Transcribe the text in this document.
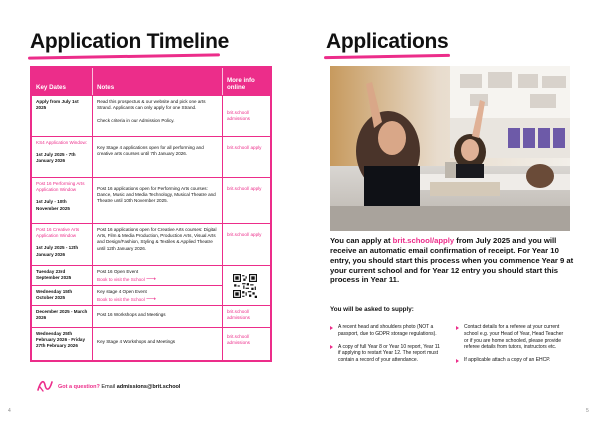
Application Timeline
Key Dates	Notes
More info online
Apply from July 1st 2025
Read this prospectus & our website and pick one arts Strand. Applicants can only apply for one Strand.

Check criteria in our Admission Policy.
brit.school/ admissions
KS4 Application Window:
1st July 2025 - 7th January 2026
Key Stage 4 applications open for all performing and creative arts courses until 7th January 2026.
brit.school/ apply
Post 16 Performing Arts Application Window
1st July - 10th November 2025
Post 16 applications open for Performing Arts courses: Dance, Music and Media Technology, Musical Theatre and Theatre until 10th November 2025.
brit.school/ apply
Post 16 Creative Arts Application Window
1st July 2025 - 12th January 2026
Post 16 applications open for Creative Arts courses: Digital Arts, Film & Media Production, Production Arts, Visual Arts and Design/Fashion, Styling & Textiles & Applied Theatre until 12th January 2026.
brit.school/ apply
Tuesday 23rd September 2025
Post 16 Open Event
Book to visit the School ⟶
Wednesday 15th October 2025
Key stage 4 Open Event
Book to visit the School ⟶
December 2025 - March 2026
Post 16 Workshops and Meetings
brit.school/ admissions
Wednesday 25th February 2026 - Friday 27th February 2026
Key Stage 4 Workshops and Meetings
brit.school/ admissions
Got a question? Email admissions@brit.school
4
Applications
You can apply at brit.school/apply from July 2025 and you will receive an automatic email confirmation of receipt. For Year 10 entry, you should start this process when you commence Year 9 at your current school and for Year 12 entry you should start this process in Year 11.
You will be asked to supply:
A recent head and shoulders photo (NOT a passport, due to GDPR storage regulations).
A copy of full Year 8 or Year 10 report, Year 11 if applying to restart Year 12. The report must contain a record of your attendance.
Contact details for a referee at your current school e.g. your Head of Year, Head Teacher or if you are home schooled, please provide referee details from tutors, instructors etc.
If applicable attach a copy of an EHCP.
5
